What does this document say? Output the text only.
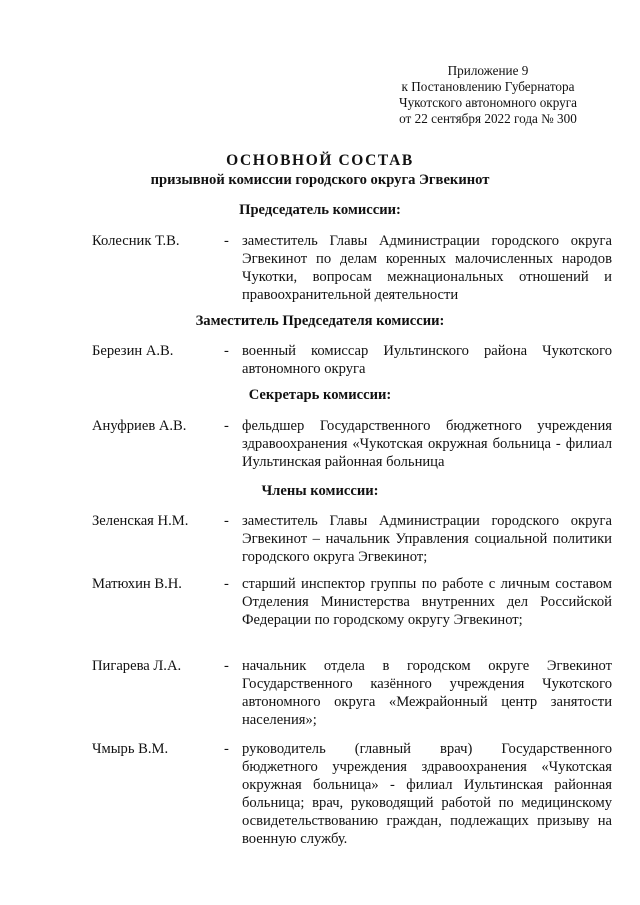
Приложение 9
к Постановлению Губернатора
Чукотского автономного округа
от 22 сентября 2022 года № 300
ОСНОВНОЙ СОСТАВ
призывной комиссии городского округа Эгвекинот
Председатель комиссии:
Колесник Т.В.	- заместитель Главы Администрации городского округа Эгвекинот по делам коренных малочисленных народов Чукотки, вопросам межнациональных отношений и правоохранительной деятельности
Заместитель Председателя комиссии:
Березин А.В.	- военный комиссар Иультинского района Чукотского автономного округа
Секретарь комиссии:
Ануфриев А.В.	- фельдшер Государственного бюджетного учреждения здравоохранения «Чукотская окружная больница - филиал Иультинская районная больница
Члены комиссии:
Зеленская Н.М. - заместитель Главы Администрации городского округа Эгвекинот – начальник Управления социальной политики городского округа Эгвекинот;
Матюхин В.Н.	- старший инспектор группы по работе с личным составом Отделения Министерства внутренних дел Российской Федерации по городскому округу Эгвекинот;
Пигарева Л.А.	- начальник отдела в городском округе Эгвекинот Государственного казённого учреждения Чукотского автономного округа «Межрайонный центр занятости населения»;
Чмырь В.М.	- руководитель (главный врач) Государственного бюджетного учреждения здравоохранения «Чукотская окружная больница» - филиал Иультинская районная больница; врач, руководящий работой по медицинскому освидетельствованию граждан, подлежащих призыву на военную службу.
